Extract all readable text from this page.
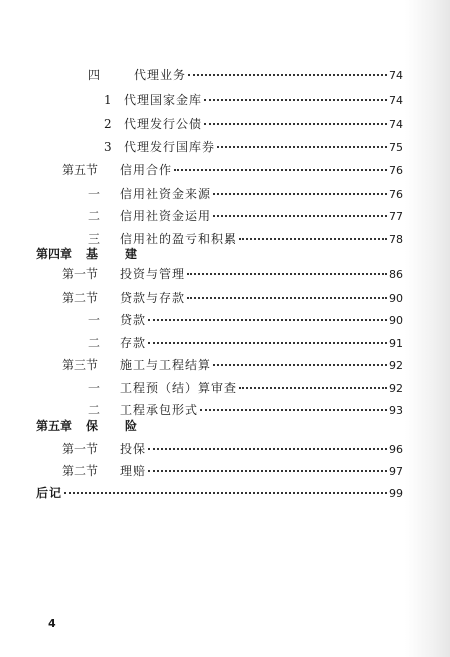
四	代理业务	74
1	代理国家金库	74
2	代理发行公债	74
3	代理发行国库券	75
第五节	信用合作	76
一	信用社资金来源	76
二	信用社资金运用	77
三	信用社的盈亏和积累	78
第四章	基　　建
第一节	投资与管理	86
第二节	贷款与存款	90
一	贷款	90
二	存款	91
第三节	施工与工程结算	92
一	工程预（结）算审查	92
二	工程承包形式	93
第五章	保　　险
第一节	投保	96
第二节	理赔	97
后记	99
4
